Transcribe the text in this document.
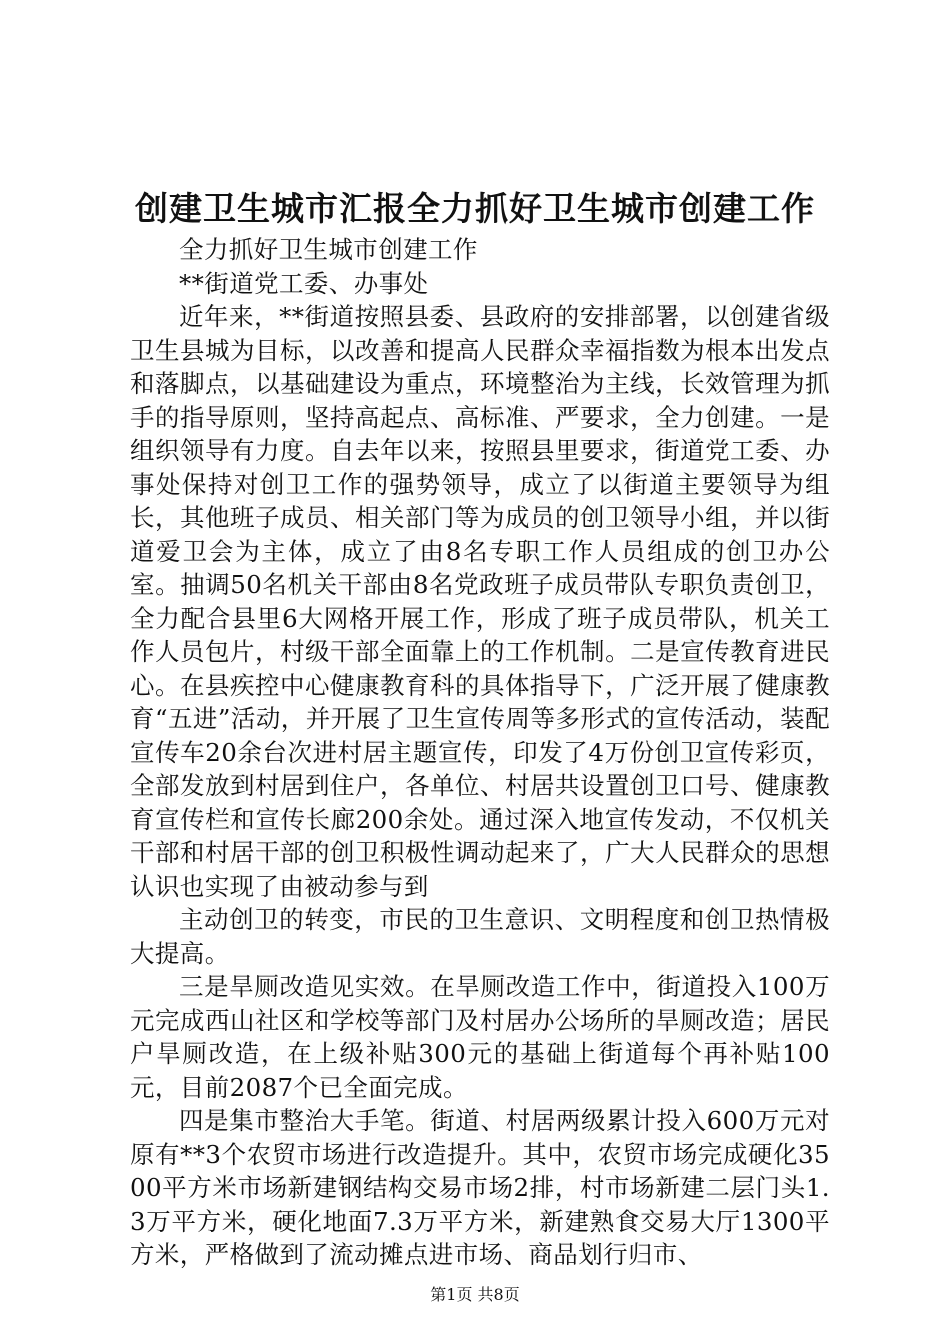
创建卫生城市汇报全力抓好卫生城市创建工作

全力抓好卫生城市创建工作

**街道党工委、办事处

近年来，**街道按照县委、县政府的安排部署，以创建省级卫生县城为目标，以改善和提高人民群众幸福指数为根本出发点和落脚点，以基础建设为重点，环境整治为主线，长效管理为抓手的指导原则，坚持高起点、高标准、严要求，全力创建。一是组织领导有力度。自去年以来，按照县里要求，街道党工委、办事处保持对创卫工作的强势领导，成立了以街道主要领导为组长，其他班子成员、相关部门等为成员的创卫领导小组，并以街道爱卫会为主体，成立了由8名专职工作人员组成的创卫办公室。抽调50名机关干部由8名党政班子成员带队专职负责创卫，全力配合县里6大网格开展工作，形成了班子成员带队，机关工作人员包片，村级干部全面靠上的工作机制。二是宣传教育进民心。在县疾控中心健康教育科的具体指导下，广泛开展了健康教育“五进”活动，并开展了卫生宣传周等多形式的宣传活动，装配宣传车20余台次进村居主题宣传，印发了4万份创卫宣传彩页，全部发放到村居到住户，各单位、村居共设置创卫口号、健康教育宣传栏和宣传长廊200余处。通过深入地宣传发动，不仅机关干部和村居干部的创卫积极性调动起来了，广大人民群众的思想认识也实现了由被动参与到

主动创卫的转变，市民的卫生意识、文明程度和创卫热情极大提高。

三是旱厕改造见实效。在旱厕改造工作中，街道投入100万元完成西山社区和学校等部门及村居办公场所的旱厕改造；居民户旱厕改造，在上级补贴300元的基础上街道每个再补贴100元，目前2087个已全面完成。

四是集市整治大手笔。街道、村居两级累计投入600万元对原有**3个农贸市场进行改造提升。其中，农贸市场完成硬化3500平方米市场新建钢结构交易市场2排，村市场新建二层门头1.3万平方米，硬化地面7.3万平方米，新建熟食交易大厅1300平方米，严格做到了流动摊点进市场、商品划行归市、

第1页 共8页
